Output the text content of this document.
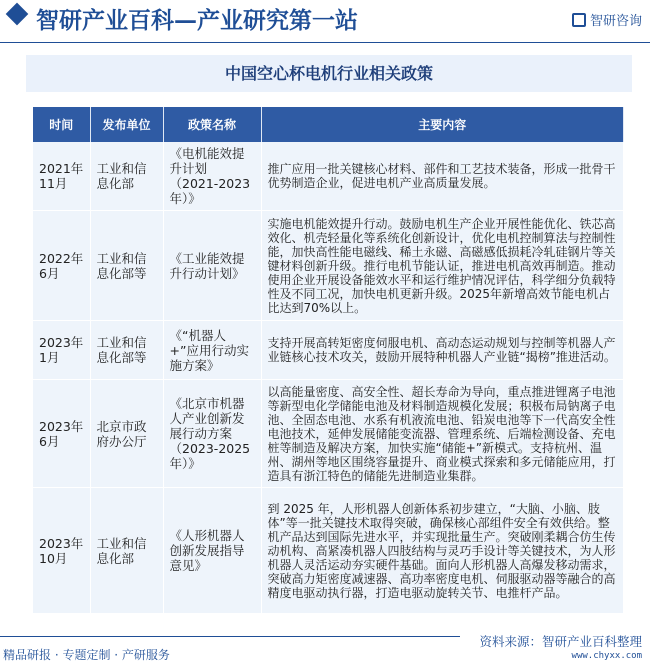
智研产业百科—产业研究第一站	智研咨询
中国空心杯电机行业相关政策
时间	发布单位	政策名称	主要内容
2021年11月	工业和信息化部	《电机能效提升计划（2021-2023年）》	推广应用一批关键核心材料、部件和工艺技术装备，形成一批骨干优势制造企业，促进电机产业高质量发展。
2022年6月	工业和信息化部等	《工业能效提升行动计划》	实施电机能效提升行动。鼓励电机生产企业开展性能优化、铁芯高效化、机壳轻量化等系统化创新设计，优化电机控制算法与控制性能，加快高性能电磁线、稀土永磁、高磁感低损耗冷轧硅钢片等关键材料创新升级。推行电机节能认证，推进电机高效再制造。推动使用企业开展设备能效水平和运行维护情况评估，科学细分负载特性及不同工况，加快电机更新升级。2025年新增高效节能电机占比达到70%以上。
2023年1月	工业和信息化部等	《“机器人+”应用行动实施方案》	支持开展高转矩密度伺服电机、高动态运动规划与控制等机器人产业链核心技术攻关，鼓励开展特种机器人产业链“揭榜”推进活动。
2023年6月	北京市政府办公厅	《北京市机器人产业创新发展行动方案（2023-2025年）》	以高能量密度、高安全性、超长寿命为导向，重点推进锂离子电池等新型电化学储能电池及材料制造规模化发展；积极布局钠离子电池、全固态电池、水系有机液流电池、铅炭电池等下一代高安全性电池技术，延伸发展储能变流器、管理系统、后端检测设备、充电桩等制造及解决方案，加快实施“储能+”新模式。支持杭州、温州、湖州等地区围绕容量提升、商业模式探索和多元储能应用，打造具有浙江特色的储能先进制造业集群。
2023年10月	工业和信息化部	《人形机器人创新发展指导意见》	到 2025 年，人形机器人创新体系初步建立，“大脑、小脑、肢体”等一批关键技术取得突破，确保核心部组件安全有效供给。整机产品达到国际先进水平，并实现批量生产。突破刚柔耦合仿生传动机构、高紧凑机器人四肢结构与灵巧手设计等关键技术，为人形机器人灵活运动夯实硬件基础。面向人形机器人高爆发移动需求，突破高力矩密度减速器、高功率密度电机、伺服驱动器等融合的高精度电驱动执行器，打造电驱动旋转关节、电推杆产品。
精品研报 · 专题定制 · 产研服务
资料来源：智研产业百科整理
www.chyxx.com
